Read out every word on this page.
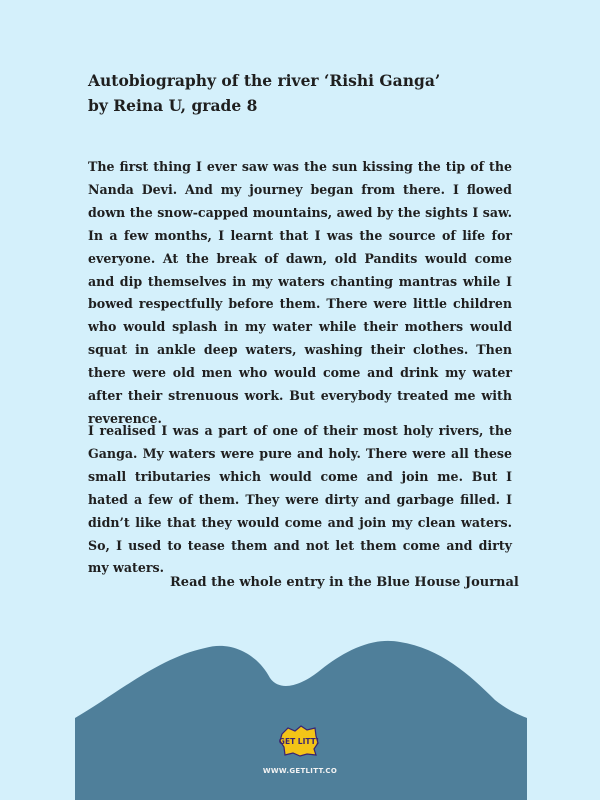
Autobiography of the river ‘Rishi Ganga’
by Reina U, grade 8

The first thing I ever saw was the sun kissing the tip of the Nanda Devi. And my journey began from there. I flowed down the snow-capped mountains, awed by the sights I saw. In a few months, I learnt that I was the source of life for everyone. At the break of dawn, old Pandits would come and dip themselves in my waters chanting mantras while I bowed respectfully before them. There were little children who would splash in my water while their mothers would squat in ankle deep waters, washing their clothes. Then there were old men who would come and drink my water after their strenuous work. But everybody treated me with reverence.

I realised I was a part of one of their most holy rivers, the Ganga. My waters were pure and holy. There were all these small tributaries which would come and join me. But I hated a few of them. They were dirty and garbage filled. I didn’t like that they would come and join my clean waters. So, I used to tease them and not let them come and dirty my waters.

Read the whole entry in the Blue House Journal
GET LITT!
WWW.GETLITT.CO
